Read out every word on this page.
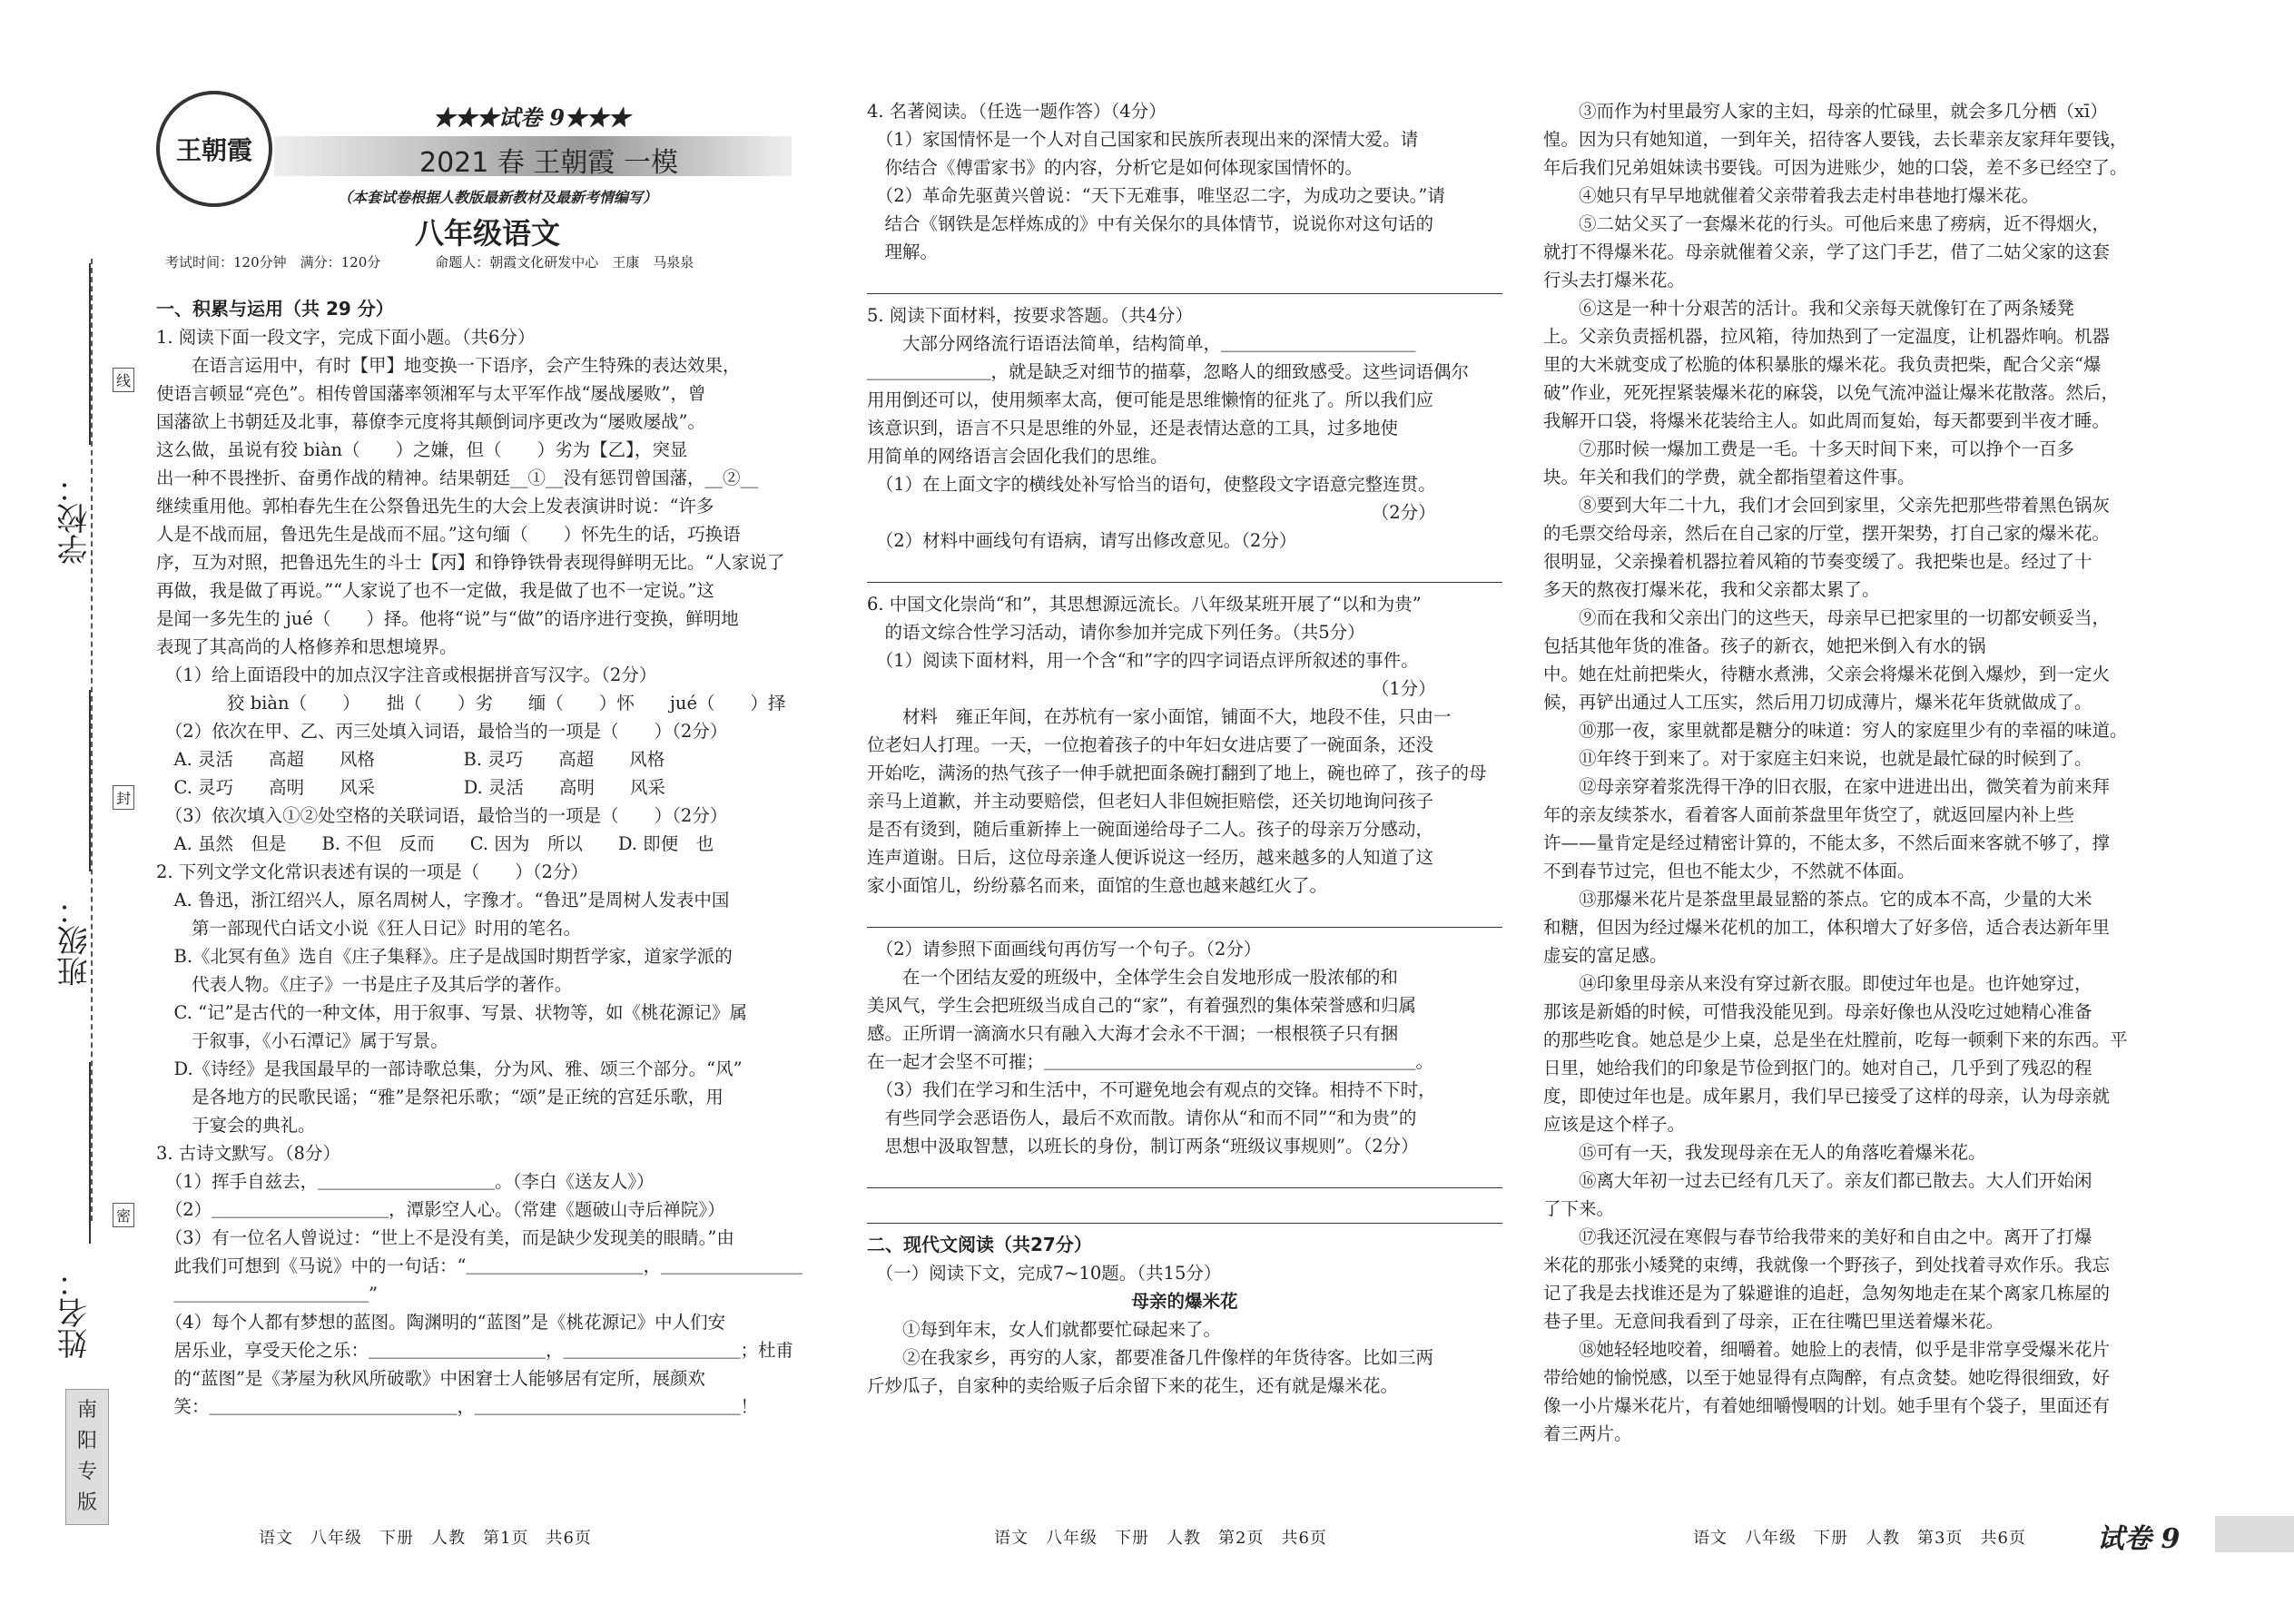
学校：
班级：
姓名：
线
封
密
南
阳
专
版
王朝霞
★★★试卷 9★★★
2021 春 王朝霞 一模
（本套试卷根据人教版最新教材及最新考情编写）
八年级语文
考试时间：120分钟　满分：120分　　　　命题人：朝霞文化研发中心　王康　马泉泉
一、积累与运用（共 29 分）
1. 阅读下面一段文字，完成下面小题。（共6分）
在语言运用中，有时【甲】地变换一下语序，会产生特殊的表达效果，
使语言顿显“亮色”。相传曾国藩率领湘军与太平军作战“屡战屡败”，曾
国藩欲上书朝廷及北事，幕僚李元度将其颠倒词序更改为“屡败屡战”。
这么做，虽说有狡 biàn（　　）之嫌，但（　　）劣为【乙】，突显
出一种不畏挫折、奋勇作战的精神。结果朝廷__①__没有惩罚曾国藩，__②__
继续重用他。郭柏春先生在公祭鲁迅先生的大会上发表演讲时说：“许多
人是不战而屈，鲁迅先生是战而不屈。”这句缅（　　）怀先生的话，巧换语
序，互为对照，把鲁迅先生的斗士【丙】和铮铮铁骨表现得鲜明无比。“人家说了
再做，我是做了再说。”“人家说了也不一定做，我是做了也不一定说。”这
是闻一多先生的 jué（　　）择。他将“说”与“做”的语序进行变换，鲜明地
表现了其高尚的人格修养和思想境界。
　（1）给上面语段中的加点汉字注音或根据拼音写汉字。（2分）
　　　　狡 biàn（　　）　　拙（　　）劣　　缅（　　）怀　　jué（　　）择
　（2）依次在甲、乙、丙三处填入词语，最恰当的一项是（　　）（2分）
　A. 灵活　　高超　　风格　　　　　B. 灵巧　　高超　　风格
　C. 灵巧　　高明　　风采　　　　　D. 灵活　　高明　　风采
　（3）依次填入①②处空格的关联词语，最恰当的一项是（　　）（2分）
　A. 虽然　但是　　B. 不但　反而　　C. 因为　所以　　D. 即便　也
2. 下列文学文化常识表述有误的一项是（　　）（2分）
　A. 鲁迅，浙江绍兴人，原名周树人，字豫才。“鲁迅”是周树人发表中国
　　第一部现代白话文小说《狂人日记》时用的笔名。
　B.《北冥有鱼》选自《庄子集释》。庄子是战国时期哲学家，道家学派的
　　代表人物。《庄子》一书是庄子及其后学的著作。
　C. “记”是古代的一种文体，用于叙事、写景、状物等，如《桃花源记》属
　　于叙事，《小石潭记》属于写景。
　D.《诗经》是我国最早的一部诗歌总集，分为风、雅、颂三个部分。“风”
　　是各地方的民歌民谣；“雅”是祭祀乐歌；“颂”是正统的宫廷乐歌，用
　　于宴会的典礼。
3. 古诗文默写。（8分）
　（1）挥手自兹去，＿＿＿＿＿＿＿＿＿＿。（李白《送友人》）
　（2）＿＿＿＿＿＿＿＿＿＿，潭影空人心。（常建《题破山寺后禅院》）
　（3）有一位名人曾说过：“世上不是没有美，而是缺少发现美的眼睛。”由
　此我们可想到《马说》中的一句话：“＿＿＿＿＿＿＿＿＿＿，＿＿＿＿＿＿＿＿
　＿＿＿＿＿＿＿＿＿＿＿”
　（4）每个人都有梦想的蓝图。陶渊明的“蓝图”是《桃花源记》中人们安
　居乐业，享受天伦之乐：＿＿＿＿＿＿＿＿＿＿，＿＿＿＿＿＿＿＿＿＿；杜甫
　的“蓝图”是《茅屋为秋风所破歌》中困窘士人能够居有定所，展颜欢
　笑：＿＿＿＿＿＿＿＿＿＿＿＿＿＿，＿＿＿＿＿＿＿＿＿＿＿＿＿＿＿！
4. 名著阅读。（任选一题作答）（4分）
　（1）家国情怀是一个人对自己国家和民族所表现出来的深情大爱。请
　你结合《傅雷家书》的内容，分析它是如何体现家国情怀的。
　（2）革命先驱黄兴曾说：“天下无难事，唯坚忍二字，为成功之要诀。”请
　结合《钢铁是怎样炼成的》中有关保尔的具体情节，说说你对这句话的
　理解。
5. 阅读下面材料，按要求答题。（共4分）
大部分网络流行语语法简单，结构简单，＿＿＿＿＿＿＿＿＿＿＿
＿＿＿＿＿＿＿，就是缺乏对细节的描摹，忽略人的细致感受。这些词语偶尔
用用倒还可以，使用频率太高，便可能是思维懒惰的征兆了。所以我们应
该意识到，语言不只是思维的外显，还是表情达意的工具，过多地使
用简单的网络语言会固化我们的思维。
　（1）在上面文字的横线处补写恰当的语句，使整段文字语意完整连贯。
　　　　　　　　　　　　　　　　　　　　　　　　　　　　　（2分）
　（2）材料中画线句有语病，请写出修改意见。（2分）
6. 中国文化崇尚“和”，其思想源远流长。八年级某班开展了“以和为贵”
　的语文综合性学习活动，请你参加并完成下列任务。（共5分）
　（1）阅读下面材料，用一个含“和”字的四字词语点评所叙述的事件。
　　　　　　　　　　　　　　　　　　　　　　　　　　　　　（1分）
材料　雍正年间，在苏杭有一家小面馆，铺面不大，地段不佳，只由一
位老妇人打理。一天，一位抱着孩子的中年妇女进店要了一碗面条，还没
开始吃，满汤的热气孩子一伸手就把面条碗打翻到了地上，碗也碎了，孩子的母
亲马上道歉，并主动要赔偿，但老妇人非但婉拒赔偿，还关切地询问孩子
是否有烫到，随后重新捧上一碗面递给母子二人。孩子的母亲万分感动，
连声道谢。日后，这位母亲逢人便诉说这一经历，越来越多的人知道了这
家小面馆儿，纷纷慕名而来，面馆的生意也越来越红火了。
　（2）请参照下面画线句再仿写一个句子。（2分）
在一个团结友爱的班级中，全体学生会自发地形成一股浓郁的和
美风气，学生会把班级当成自己的“家”，有着强烈的集体荣誉感和归属
感。正所谓一滴滴水只有融入大海才会永不干涸；一根根筷子只有捆
在一起才会坚不可摧；＿＿＿＿＿＿＿＿＿＿＿＿＿＿＿＿＿＿＿＿＿。
　（3）我们在学习和生活中，不可避免地会有观点的交锋。相持不下时，
　有些同学会恶语伤人，最后不欢而散。请你从“和而不同”“和为贵”的
　思想中汲取智慧，以班长的身份，制订两条“班级议事规则”。（2分）
二、现代文阅读（共27分）
　（一）阅读下文，完成7~10题。（共15分）
母亲的爆米花
①每到年末，女人们就都要忙碌起来了。
②在我家乡，再穷的人家，都要准备几件像样的年货待客。比如三两
斤炒瓜子，自家种的卖给贩子后余留下来的花生，还有就是爆米花。
③而作为村里最穷人家的主妇，母亲的忙碌里，就会多几分栖（xī）
惶。因为只有她知道，一到年关，招待客人要钱，去长辈亲友家拜年要钱，
年后我们兄弟姐妹读书要钱。可因为进账少，她的口袋，差不多已经空了。
④她只有早早地就催着父亲带着我去走村串巷地打爆米花。
⑤二姑父买了一套爆米花的行头。可他后来患了痨病，近不得烟火，
就打不得爆米花。母亲就催着父亲，学了这门手艺，借了二姑父家的这套
行头去打爆米花。
⑥这是一种十分艰苦的活计。我和父亲每天就像钉在了两条矮凳
上。父亲负责摇机器，拉风箱，待加热到了一定温度，让机器炸响。机器
里的大米就变成了松脆的体积暴胀的爆米花。我负责把柴，配合父亲“爆
破”作业，死死捏紧装爆米花的麻袋，以免气流冲溢让爆米花散落。然后，
我解开口袋，将爆米花装给主人。如此周而复始，每天都要到半夜才睡。
⑦那时候一爆加工费是一毛。十多天时间下来，可以挣个一百多
块。年关和我们的学费，就全都指望着这件事。
⑧要到大年二十九，我们才会回到家里，父亲先把那些带着黑色锅灰
的毛票交给母亲，然后在自己家的厅堂，摆开架势，打自己家的爆米花。
很明显，父亲操着机器拉着风箱的节奏变缓了。我把柴也是。经过了十
多天的熬夜打爆米花，我和父亲都太累了。
⑨而在我和父亲出门的这些天，母亲早已把家里的一切都安顿妥当，
包括其他年货的准备。孩子的新衣，她把米倒入有水的锅
中。她在灶前把柴火，待糖水煮沸，父亲会将爆米花倒入爆炒，到一定火
候，再铲出通过人工压实，然后用刀切成薄片，爆米花年货就做成了。
⑩那一夜，家里就都是糖分的味道：穷人的家庭里少有的幸福的味道。
⑪年终于到来了。对于家庭主妇来说，也就是最忙碌的时候到了。
⑫母亲穿着浆洗得干净的旧衣服，在家中进进出出，微笑着为前来拜
年的亲友续茶水，看着客人面前茶盘里年货空了，就返回屋内补上些
许——量肯定是经过精密计算的，不能太多，不然后面来客就不够了，撑
不到春节过完，但也不能太少，不然就不体面。
⑬那爆米花片是茶盘里最显豁的茶点。它的成本不高，少量的大米
和糖，但因为经过爆米花机的加工，体积增大了好多倍，适合表达新年里
虚妄的富足感。
⑭印象里母亲从来没有穿过新衣服。即使过年也是。也许她穿过，
那该是新婚的时候，可惜我没能见到。母亲好像也从没吃过她精心准备
的那些吃食。她总是少上桌，总是坐在灶膛前，吃每一顿剩下来的东西。平
日里，她给我们的印象是节俭到抠门的。她对自己，几乎到了残忍的程
度，即使过年也是。成年累月，我们早已接受了这样的母亲，认为母亲就
应该是这个样子。
⑮可有一天，我发现母亲在无人的角落吃着爆米花。
⑯离大年初一过去已经有几天了。亲友们都已散去。大人们开始闲
了下来。
⑰我还沉浸在寒假与春节给我带来的美好和自由之中。离开了打爆
米花的那张小矮凳的束缚，我就像一个野孩子，到处找着寻欢作乐。我忘
记了我是去找谁还是为了躲避谁的追赶，急匆匆地走在某个离家几栋屋的
巷子里。无意间我看到了母亲，正在往嘴巴里送着爆米花。
⑱她轻轻地咬着，细嚼着。她脸上的表情，似乎是非常享受爆米花片
带给她的愉悦感，以至于她显得有点陶醉，有点贪婪。她吃得很细致，好
像一小片爆米花片，有着她细嚼慢咽的计划。她手里有个袋子，里面还有
着三两片。
语文　八年级　下册　人教　第1页　共6页	语文　八年级　下册　人教　第2页　共6页	语文　八年级　下册　人教　第3页　共6页	试卷 9
